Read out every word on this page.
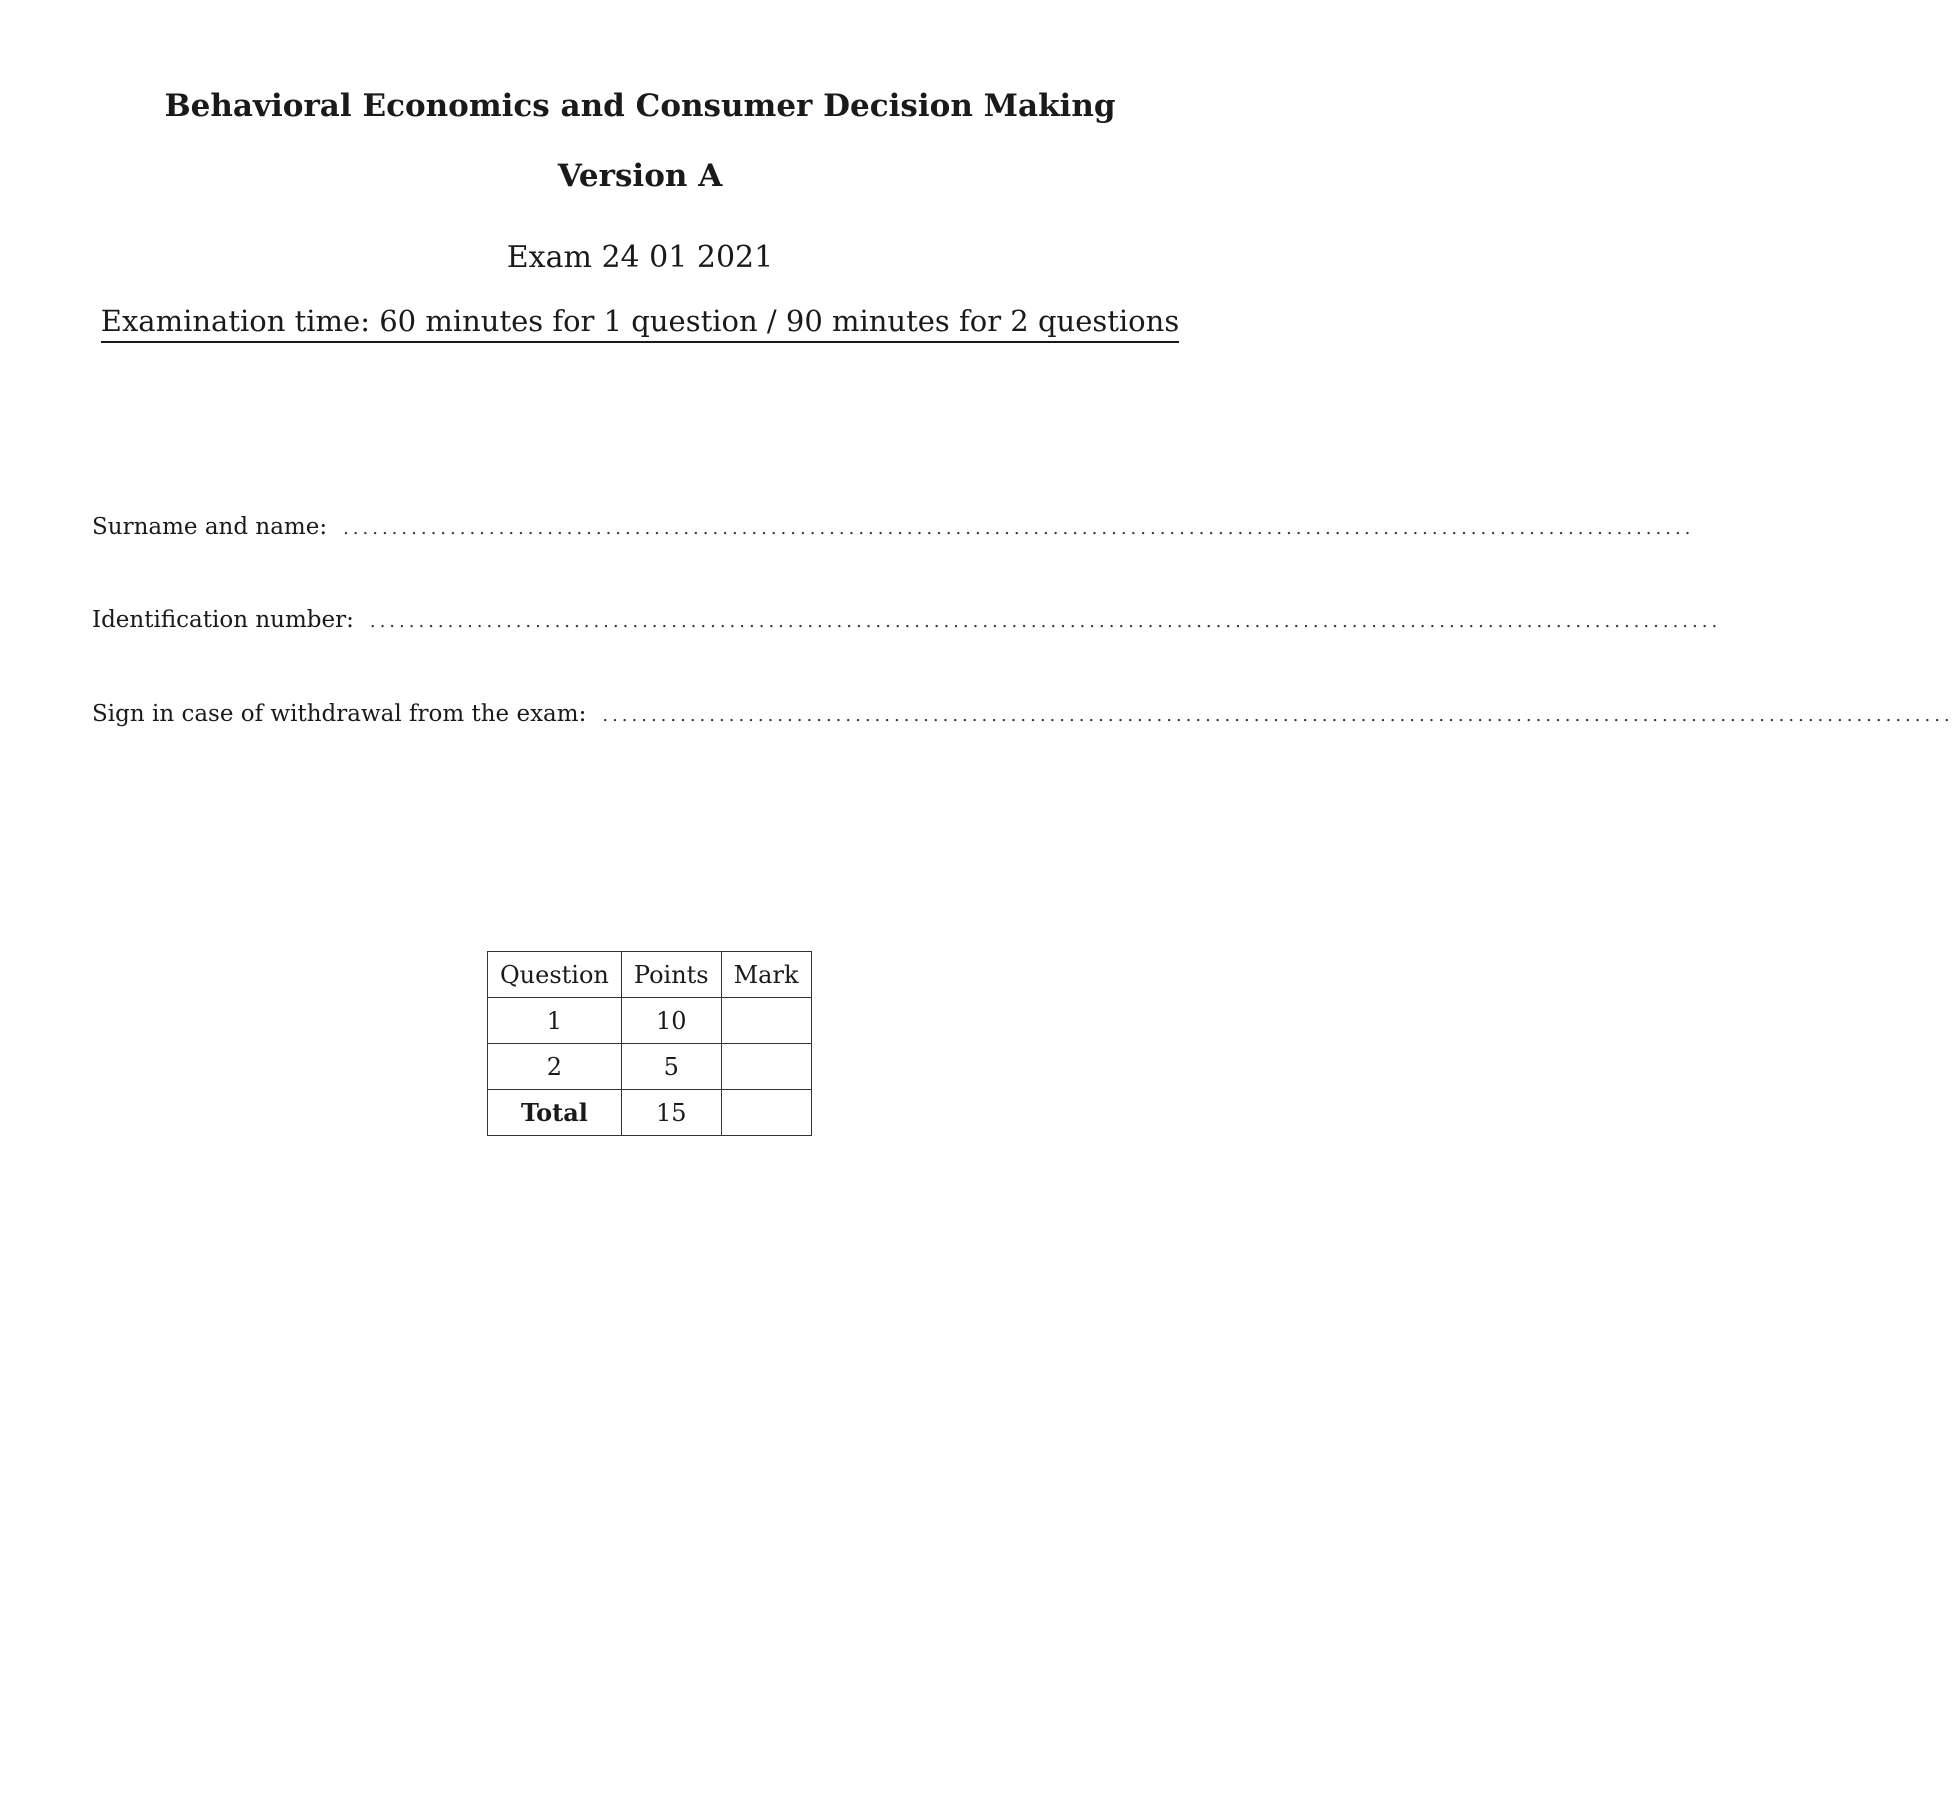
Behavioral Economics and Consumer Decision Making
Version A
Exam 24 01 2021
Examination time: 60 minutes for 1 question / 90 minutes for 2 questions
Surname and name: ...........................................................................................................................................
Identification number: ...........................................................................................................................................
Sign in case of withdrawal from the exam: ...........................................................................................................................................
Question	Points	Mark
1	10	
2	5	
Total	15	
